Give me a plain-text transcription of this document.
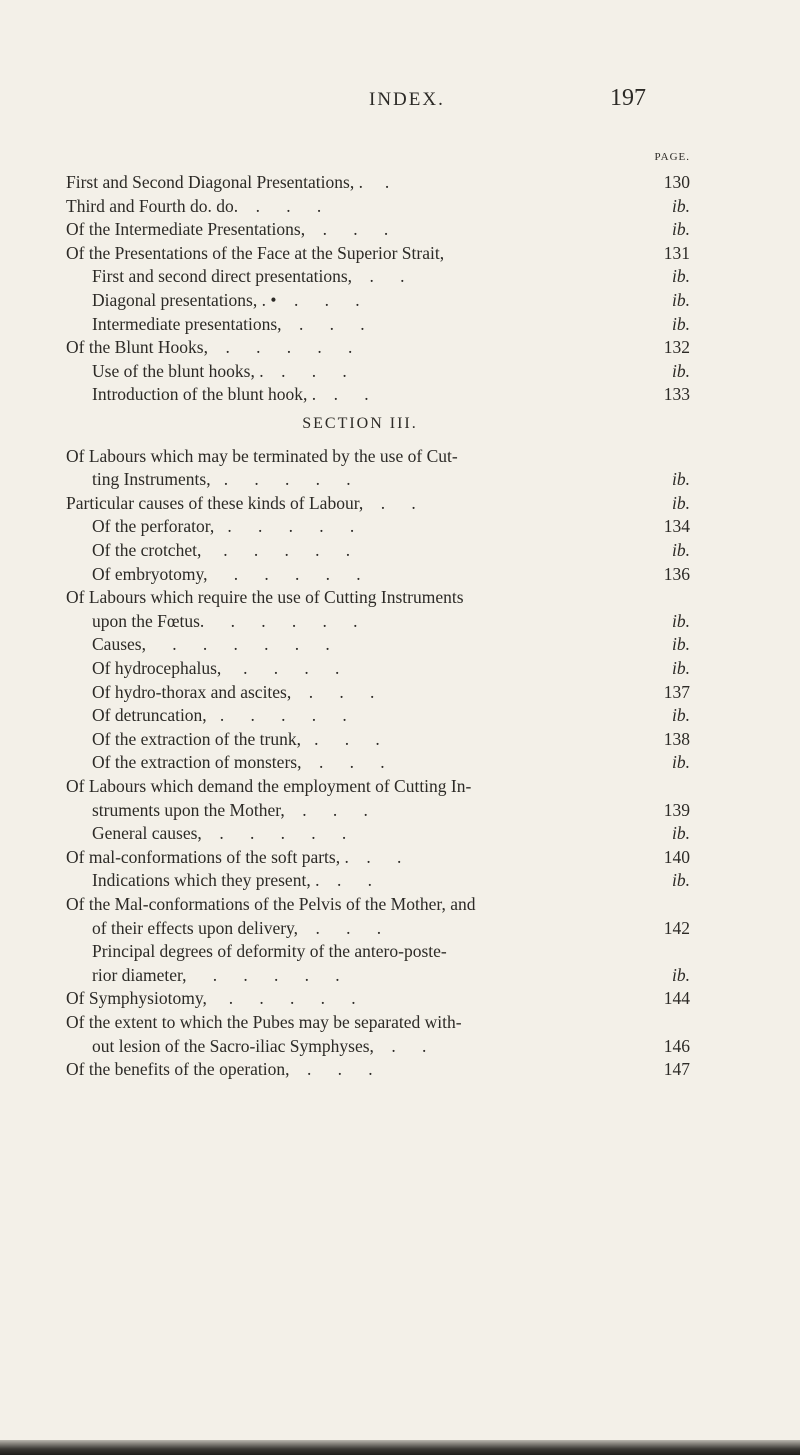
INDEX.	197
PAGE.
First and Second Diagonal Presentations, .     .	130
Third and Fourth do. do.    .      .      .	ib.
Of the Intermediate Presentations,    .      .      .	ib.
Of the Presentations of the Face at the Superior Strait,	131
First and second direct presentations,    .      .	ib.
Diagonal presentations, . •    .      .      .	ib.
Intermediate presentations,    .      .      .	ib.
Of the Blunt Hooks,    .      .      .      .      .	132
Use of the blunt hooks, .    .      .      .	ib.
Introduction of the blunt hook, .    .      .	133
SECTION III.
Of Labours which may be terminated by the use of Cut-
ting Instruments,   .      .      .      .      .	ib.
Particular causes of these kinds of Labour,    .      .	ib.
Of the perforator,   .      .      .      .      .	134
Of the crotchet,     .      .      .      .      .	ib.
Of embryotomy,      .      .      .      .      .	136
Of Labours which require the use of Cutting Instruments
upon the Fœtus.      .      .      .      .      .	ib.
Causes,      .      .      .      .      .      .	ib.
Of hydrocephalus,     .      .      .      .	ib.
Of hydro-thorax and ascites,    .      .      .	137
Of detruncation,   .      .      .      .      .	ib.
Of the extraction of the trunk,   .      .      .	138
Of the extraction of monsters,    .      .      .	ib.
Of Labours which demand the employment of Cutting In-
struments upon the Mother,    .      .      .	139
General causes,    .      .      .      .      .	ib.
Of mal-conformations of the soft parts, .    .      .	140
Indications which they present, .    .      .	ib.
Of the Mal-conformations of the Pelvis of the Mother, and
of their effects upon delivery,    .      .      .	142
Principal degrees of deformity of the antero-poste-
rior diameter,      .      .      .      .      .	ib.
Of Symphysiotomy,     .      .      .      .      .	144
Of the extent to which the Pubes may be separated with-
out lesion of the Sacro-iliac Symphyses,    .      .	146
Of the benefits of the operation,    .      .      .	147
